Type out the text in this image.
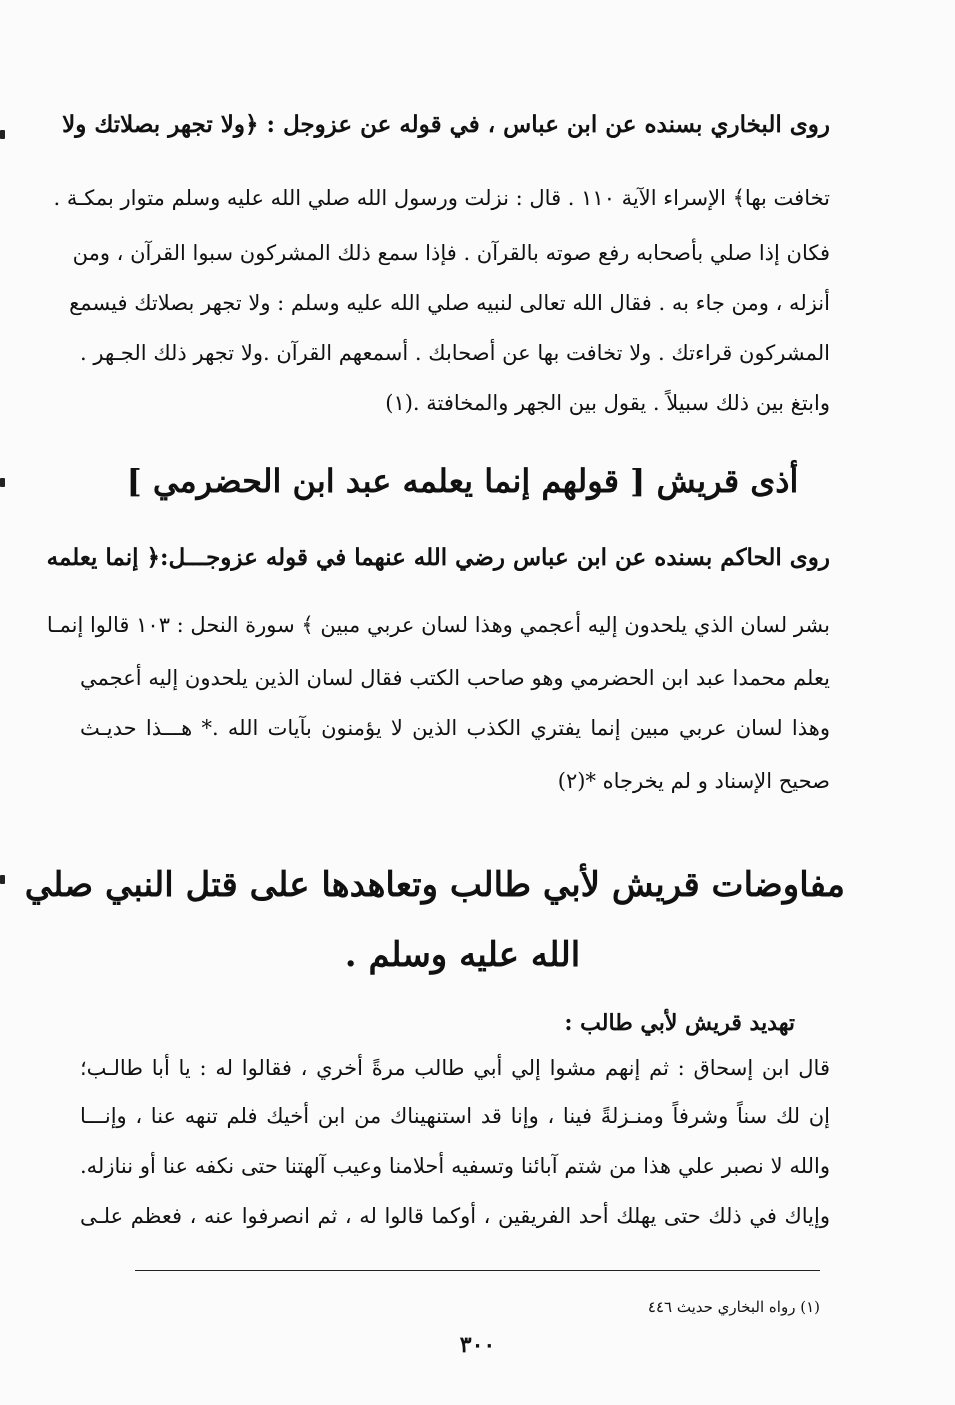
روى البخاري بسنده عن ابن عباس ، في قوله عن عزوجل : ﴿ولا تجهر بصلاتك ولا
تخافت بها﴾ الإسراء الآية ١١٠ . قال : نزلت ورسول الله صلي الله عليه وسلم متوار بمكـة .
فكان إذا صلي بأصحابه رفع صوته بالقرآن . فإذا سمع ذلك المشركون سبوا القرآن ، ومن
أنزله ، ومن جاء به . فقال الله تعالى لنبيه صلي الله عليه وسلم : ولا تجهر بصلاتك فيسمع
المشركون قراءتك . ولا تخافت بها عن أصحابك . أسمعهم القرآن .ولا تجهر ذلك الجـهر .
وابتغ بين ذلك سبيلاً . يقول بين الجهر والمخافتة .(١)
أذى قريش [ قولهم إنما يعلمه عبد ابن الحضرمي ]
روى الحاكم بسنده عن ابن عباس رضي الله عنهما في قوله عزوجـــل:﴿ إنما يعلمه
بشر لسان الذي يلحدون إليه أعجمي وهذا لسان عربي مبين ﴾ سورة النحل : ١٠٣ قالوا إنمـا
يعلم محمدا عبد ابن الحضرمي وهو صاحب الكتب فقال لسان الذين يلحدون إليه أعجمي
وهذا لسان عربي مبين إنما يفتري الكذب الذين لا يؤمنون بآيات الله .* هـــذا حديـث
صحيح الإسناد و لم يخرجاه *(٢)
مفاوضات قريش لأبي طالب وتعاهدها على قتل النبي صلي
الله عليه وسلم .
تهديد قريش لأبي طالب :
قال ابن إسحاق : ثم إنهم مشوا إلي أبي طالب مرةً أخري ، فقالوا له : يا أبا طالـب؛
إن لك سناً وشرفاً ومنـزلةً فينا ، وإنا قد استنهيناك من ابن أخيك فلم تنهه عنا ، وإنـــا
والله لا نصبر علي هذا من شتم آبائنا وتسفيه أحلامنا وعيب آلهتنا حتى نكفه عنا أو ننازله.
وإياك في ذلك حتى يهلك أحد الفريقين ، أوكما قالوا له ، ثم انصرفوا عنه ، فعظم علـى
(١) رواه البخاري حديث ٤٤٦
٣٠٠
